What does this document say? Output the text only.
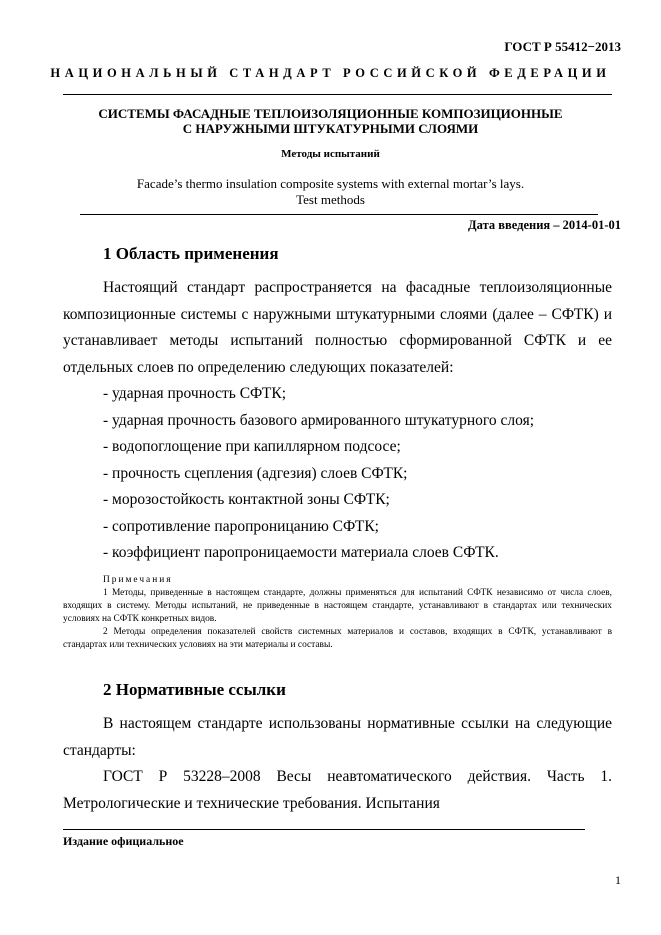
ГОСТ Р 55412−2013
НАЦИОНАЛЬНЫЙ СТАНДАРТ РОССИЙСКОЙ ФЕДЕРАЦИИ
СИСТЕМЫ ФАСАДНЫЕ ТЕПЛОИЗОЛЯЦИОННЫЕ КОМПОЗИЦИОННЫЕ
С НАРУЖНЫМИ ШТУКАТУРНЫМИ СЛОЯМИ
Методы испытаний
Facade’s thermo insulation composite systems with external mortar’s lays.
Test methods
Дата введения – 2014-01-01
1 Область применения
Настоящий стандарт распространяется на фасадные теплоизоляционные композиционные системы с наружными штукатурными слоями (далее – СФТК) и устанавливает методы испытаний полностью сформированной СФТК и ее отдельных слоев по определению следующих показателей:
- ударная прочность СФТК;
- ударная прочность базового армированного штукатурного слоя;
- водопоглощение при капиллярном подсосе;
- прочность сцепления (адгезия) слоев СФТК;
- морозостойкость контактной зоны СФТК;
- сопротивление паропроницанию СФТК;
- коэффициент паропроницаемости материала слоев СФТК.
Примечания
1 Методы, приведенные в настоящем стандарте, должны применяться для испытаний СФТК независимо от числа слоев, входящих в систему. Методы испытаний, не приведенные в настоящем стандарте, устанавливают в стандартах или технических условиях на СФТК конкретных видов.
2 Методы определения показателей свойств системных материалов и составов, входящих в СФТК, устанавливают в стандартах или технических условиях на эти материалы и составы.
2 Нормативные ссылки
В настоящем стандарте использованы нормативные ссылки на следующие стандарты:
ГОСТ Р 53228–2008 Весы неавтоматического действия. Часть 1. Метрологические и технические требования. Испытания
Издание официальное
1
